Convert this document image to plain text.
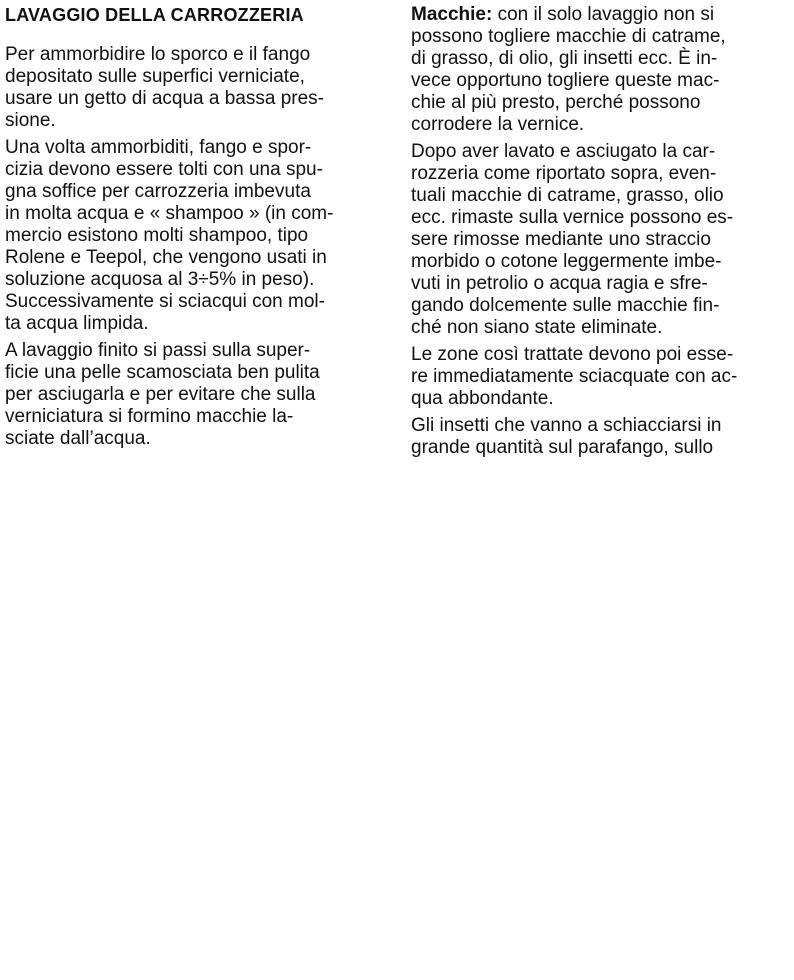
LAVAGGIO DELLA CARROZZERIA

Per ammorbidire lo sporco e il fango
depositato sulle superfici verniciate,
usare un getto di acqua a bassa pres-
sione.

Una volta ammorbiditi, fango e spor-
cizia devono essere tolti con una spu-
gna soffice per carrozzeria imbevuta
in molta acqua e « shampoo » (in com-
mercio esistono molti shampoo, tipo
Rolene e Teepol, che vengono usati in
soluzione acquosa al 3÷5% in peso).
Successivamente si sciacqui con mol-
ta acqua limpida.

A lavaggio finito si passi sulla super-
ficie una pelle scamosciata ben pulita
per asciugarla e per evitare che sulla
verniciatura si formino macchie la-
sciate dall’acqua.

Macchie: con il solo lavaggio non si
possono togliere macchie di catrame,
di grasso, di olio, gli insetti ecc. È in-
vece opportuno togliere queste mac-
chie al più presto, perché possono
corrodere la vernice.

Dopo aver lavato e asciugato la car-
rozzeria come riportato sopra, even-
tuali macchie di catrame, grasso, olio
ecc. rimaste sulla vernice possono es-
sere rimosse mediante uno straccio
morbido o cotone leggermente imbe-
vuti in petrolio o acqua ragia e sfre-
gando dolcemente sulle macchie fin-
ché non siano state eliminate.

Le zone così trattate devono poi esse-
re immediatamente sciacquate con ac-
qua abbondante.

Gli insetti che vanno a schiacciarsi in
grande quantità sul parafango, sullo
